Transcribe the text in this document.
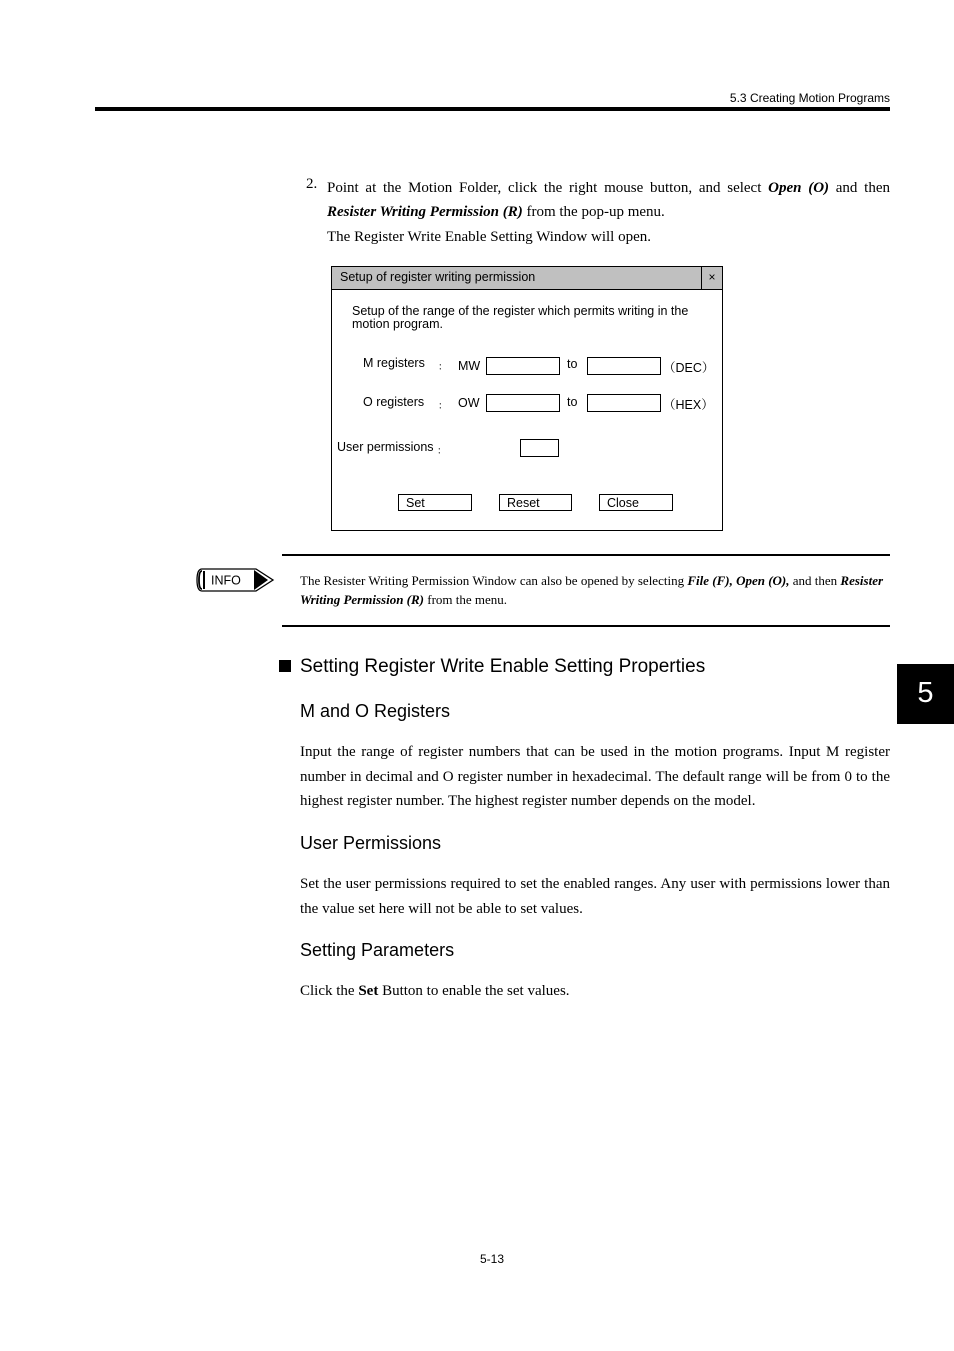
5.3 Creating Motion Programs
2. Point at the Motion Folder, click the right mouse button, and select Open (O) and then Resister Writing Permission (R) from the pop-up menu.
The Register Write Enable Setting Window will open.
Setup of register writing permission	×
Setup of the range of the register which permits writing in the motion program.
M registers ： MW	to	（DEC）
O registers ： OW	to	（HEX）
User permissions ：
Set	Reset	Close
INFO	The Resister Writing Permission Window can also be opened by selecting File (F), Open (O), and then Resister Writing Permission (R) from the menu.
Setting Register Write Enable Setting Properties
M and O Registers
Input the range of register numbers that can be used in the motion programs. Input M register number in decimal and O register number in hexadecimal. The default range will be from 0 to the highest register number. The highest register number depends on the model.
User Permissions
Set the user permissions required to set the enabled ranges. Any user with permissions lower than the value set here will not be able to set values.
Setting Parameters
Click the Set Button to enable the set values.
5
5-13
